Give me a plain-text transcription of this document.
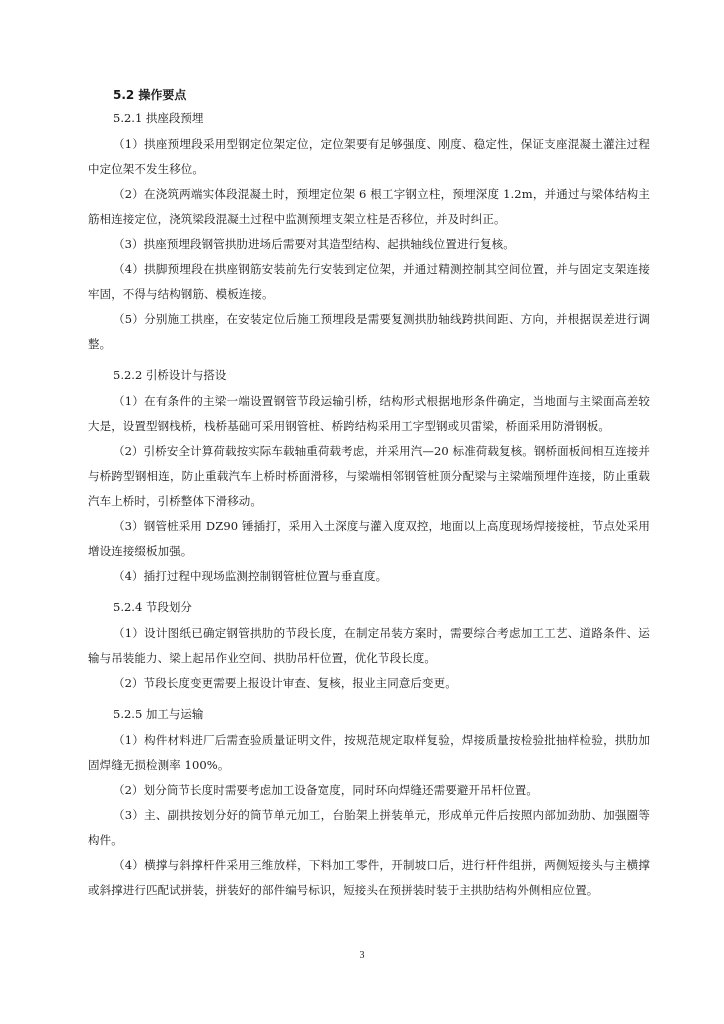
5.2 操作要点
5.2.1 拱座段预埋

（1）拱座预埋段采用型钢定位架定位，定位架要有足够强度、刚度、稳定性，保证支座混凝土灌注过程中定位架不发生移位。

（2）在浇筑两端实体段混凝土时，预埋定位架 6 根工字钢立柱，预埋深度 1.2m，并通过与梁体结构主筋相连接定位，浇筑梁段混凝土过程中监测预埋支架立柱是否移位，并及时纠正。

（3）拱座预埋段钢管拱肋进场后需要对其造型结构、起拱轴线位置进行复核。

（4）拱脚预埋段在拱座钢筋安装前先行安装到定位架，并通过精测控制其空间位置，并与固定支架连接牢固，不得与结构钢筋、模板连接。

（5）分别施工拱座，在安装定位后施工预埋段是需要复测拱肋轴线跨拱间距、方向，并根据误差进行调整。

5.2.2 引桥设计与搭设

（1）在有条件的主梁一端设置钢管节段运输引桥，结构形式根据地形条件确定，当地面与主梁面高差较大是，设置型钢栈桥，栈桥基础可采用钢管桩、桥跨结构采用工字型钢或贝雷梁，桥面采用防滑钢板。

（2）引桥安全计算荷载按实际车载轴重荷载考虑，并采用汽—20 标准荷载复核。钢桥面板间相互连接并与桥跨型钢相连，防止重载汽车上桥时桥面滑移，与梁端相邻钢管桩顶分配梁与主梁端预埋件连接，防止重载汽车上桥时，引桥整体下滑移动。

（3）钢管桩采用 DZ90 锤插打，采用入土深度与灌入度双控，地面以上高度现场焊接接桩，节点处采用增设连接缀板加强。

（4）插打过程中现场监测控制钢管桩位置与垂直度。

5.2.4 节段划分

（1）设计图纸已确定钢管拱肋的节段长度，在制定吊装方案时，需要综合考虑加工工艺、道路条件、运输与吊装能力、梁上起吊作业空间、拱肋吊杆位置，优化节段长度。

（2）节段长度变更需要上报设计审查、复核，报业主同意后变更。

5.2.5 加工与运输

（1）构件材料进厂后需查验质量证明文件，按规范规定取样复验，焊接质量按检验批抽样检验，拱肋加固焊缝无损检测率 100%。

（2）划分筒节长度时需要考虑加工设备宽度，同时环向焊缝还需要避开吊杆位置。

（3）主、副拱按划分好的筒节单元加工，台胎架上拼装单元，形成单元件后按照内部加劲肋、加强圈等构件。

（4）横撑与斜撑杆件采用三维放样，下料加工零件，开制坡口后，进行杆件组拼，两侧短接头与主横撑或斜撑进行匹配试拼装，拼装好的部件编号标识，短接头在预拼装时装于主拱肋结构外侧相应位置。

3
